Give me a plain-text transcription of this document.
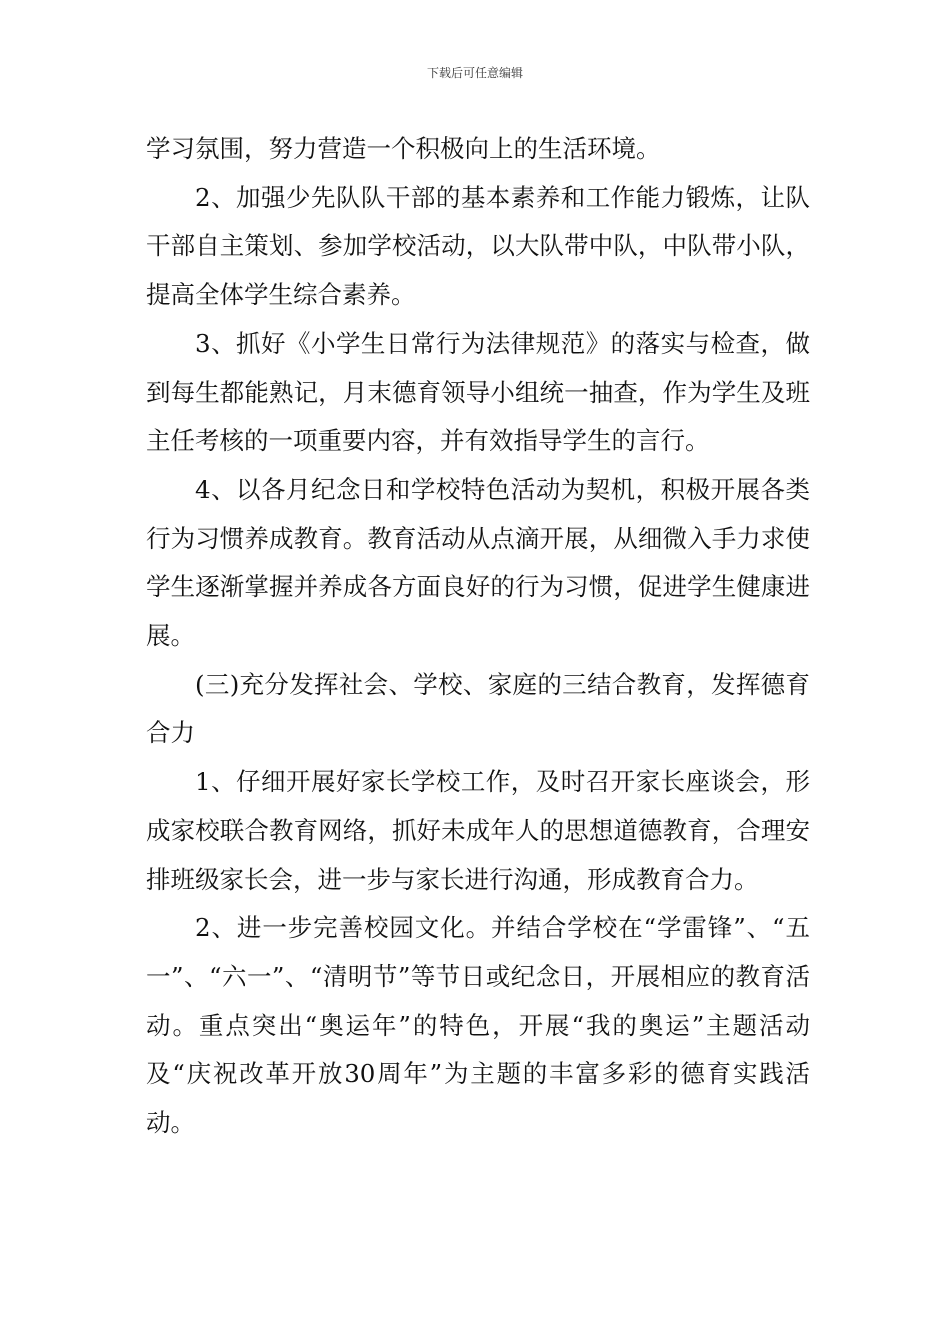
下载后可任意编辑

学习氛围，努力营造一个积极向上的生活环境。

2、加强少先队队干部的基本素养和工作能力锻炼，让队干部自主策划、参加学校活动，以大队带中队，中队带小队，提高全体学生综合素养。

3、抓好《小学生日常行为法律规范》的落实与检查，做到每生都能熟记，月末德育领导小组统一抽查，作为学生及班主任考核的一项重要内容，并有效指导学生的言行。

4、以各月纪念日和学校特色活动为契机，积极开展各类行为习惯养成教育。教育活动从点滴开展，从细微入手力求使学生逐渐掌握并养成各方面良好的行为习惯，促进学生健康进展。

(三)充分发挥社会、学校、家庭的三结合教育，发挥德育合力

1、仔细开展好家长学校工作，及时召开家长座谈会，形成家校联合教育网络，抓好未成年人的思想道德教育，合理安排班级家长会，进一步与家长进行沟通，形成教育合力。

2、进一步完善校园文化。并结合学校在“学雷锋”、“五一”、“六一”、“清明节”等节日或纪念日，开展相应的教育活动。重点突出“奥运年”的特色，开展“我的奥运”主题活动及“庆祝改革开放30周年”为主题的丰富多彩的德育实践活动。
